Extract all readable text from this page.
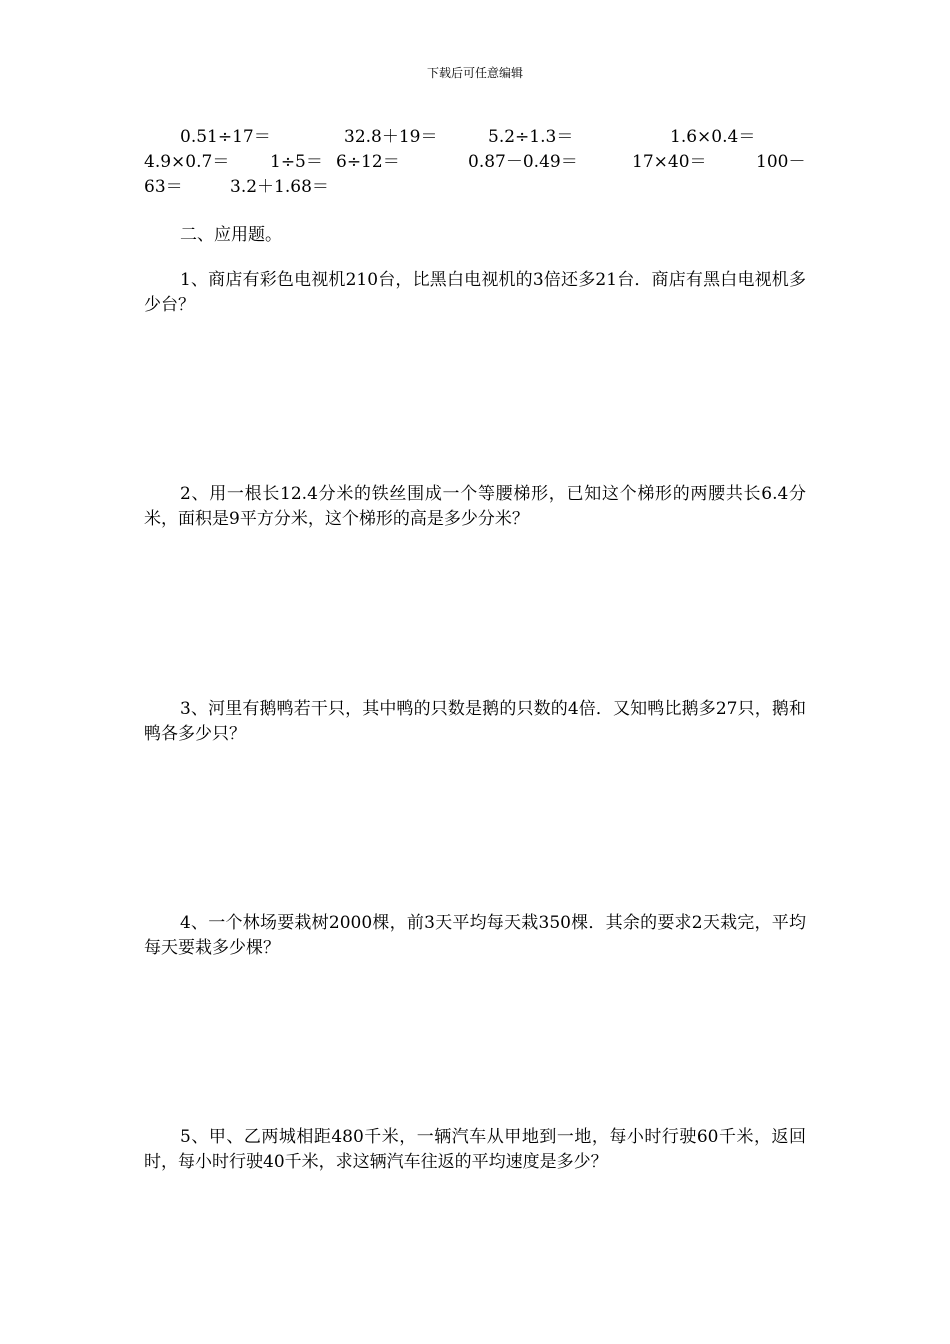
下载后可任意编辑
0.51÷17＝	32.8＋19＝	5.2÷1.3＝	1.6×0.4＝
4.9×0.7＝ 1÷5＝ 6÷12＝	0.87－0.49＝	17×40＝	100－
63＝	3.2＋1.68＝
二、应用题。
1、商店有彩色电视机210台，比黑白电视机的3倍还多21台．商店有黑白电视机多少台？
2、用一根长12.4分米的铁丝围成一个等腰梯形，已知这个梯形的两腰共长6.4分米，面积是9平方分米，这个梯形的高是多少分米？
3、河里有鹅鸭若干只，其中鸭的只数是鹅的只数的4倍．又知鸭比鹅多27只，鹅和鸭各多少只？
4、一个林场要栽树2000棵，前3天平均每天栽350棵．其余的要求2天栽完，平均每天要栽多少棵？
5、甲、乙两城相距480千米，一辆汽车从甲地到一地，每小时行驶60千米，返回时，每小时行驶40千米，求这辆汽车往返的平均速度是多少？
